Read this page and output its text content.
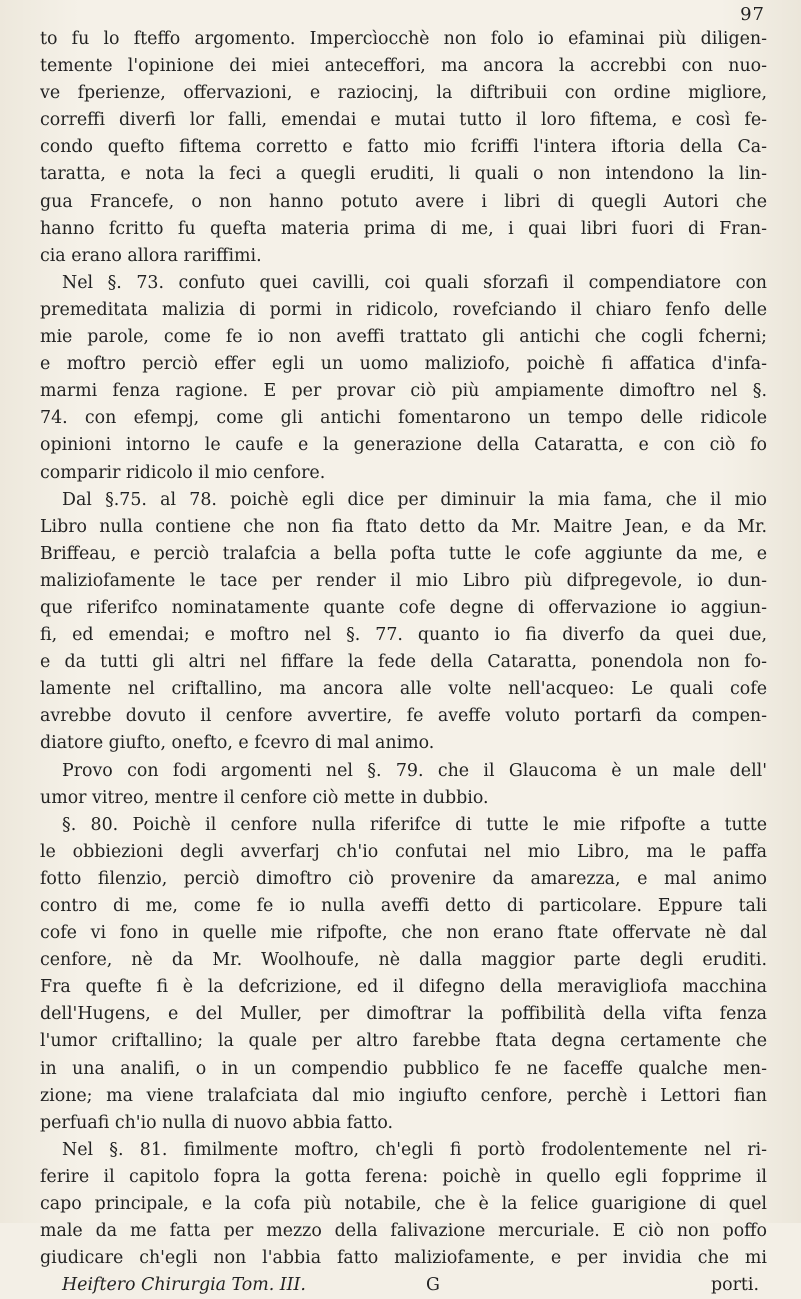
97
to fu lo fteffo argomento. Impercìocchè non folo io efaminai più diligen-
temente l'opinione dei miei anteceffori, ma ancora la accrebbi con nuo-
ve fperienze, offervazioni, e raziocinj, la diftribuii con ordine migliore,
correffi diverfi lor falli, emendai e mutai tutto il loro fiftema, e così fe-
condo quefto fiftema corretto e fatto mio fcriffi l'intera iftoria della Ca-
taratta, e nota la feci a quegli eruditi, li quali o non intendono la lin-
gua Francefe, o non hanno potuto avere i libri di quegli Autori che
hanno fcritto fu quefta materia prima di me, i quai libri fuori di Fran-
cia erano allora rariffimi.
Nel §. 73. confuto quei cavilli, coi quali sforzafi il compendiatore con
premeditata malizia di pormi in ridicolo, rovefciando il chiaro fenfo delle
mie parole, come fe io non aveffi trattato gli antichi che cogli fcherni;
e moftro perciò effer egli un uomo maliziofo, poichè fi affatica d'infa-
marmi fenza ragione. E per provar ciò più ampiamente dimoftro nel §.
74. con efempj, come gli antichi fomentarono un tempo delle ridicole
opinioni intorno le caufe e la generazione della Cataratta, e con ciò fo
comparir ridicolo il mio cenfore.
Dal §.75. al 78. poichè egli dice per diminuir la mia fama, che il mio
Libro nulla contiene che non fia ftato detto da Mr. Maitre Jean, e da Mr.
Briffeau, e perciò tralafcia a bella pofta tutte le cofe aggiunte da me, e
maliziofamente le tace per render il mio Libro più difpregevole, io dun-
que riferifco nominatamente quante cofe degne di offervazione io aggiun-
fi, ed emendai; e moftro nel §. 77. quanto io fia diverfo da quei due,
e da tutti gli altri nel fiffare la fede della Cataratta, ponendola non fo-
lamente nel criftallino, ma ancora alle volte nell'acqueo: Le quali cofe
avrebbe dovuto il cenfore avvertire, fe aveffe voluto portarfi da compen-
diatore giufto, onefto, e fcevro di mal animo.
Provo con fodi argomenti nel §. 79. che il Glaucoma è un male dell'
umor vitreo, mentre il cenfore ciò mette in dubbio.
§. 80. Poichè il cenfore nulla riferifce di tutte le mie rifpofte a tutte
le obbiezioni degli avverfarj ch'io confutai nel mio Libro, ma le paffa
fotto filenzio, perciò dimoftro ciò provenire da amarezza, e mal animo
contro di me, come fe io nulla aveffi detto di particolare. Eppure tali
cofe vi fono in quelle mie rifpofte, che non erano ftate offervate nè dal
cenfore, nè da Mr. Woolhoufe, nè dalla maggior parte degli eruditi.
Fra quefte fi è la defcrizione, ed il difegno della meravigliofa macchina
dell'Hugens, e del Muller, per dimoftrar la poffibilità della vifta fenza
l'umor criftallino; la quale per altro farebbe ftata degna certamente che
in una analifi, o in un compendio pubblico fe ne faceffe qualche men-
zione; ma viene tralafciata dal mio ingiufto cenfore, perchè i Lettori fian
perfuafi ch'io nulla di nuovo abbia fatto.
Nel §. 81. fimilmente moftro, ch'egli fi portò frodolentemente nel ri-
ferire il capitolo fopra la gotta ferena: poichè in quello egli fopprime il
capo principale, e la cofa più notabile, che è la felice guarigione di quel
male da me fatta per mezzo della falivazione mercuriale. E ciò non poffo
giudicare ch'egli non l'abbia fatto maliziofamente, e per invidia che mi
Heiftero Chirurgia Tom. III.	G	porti.
